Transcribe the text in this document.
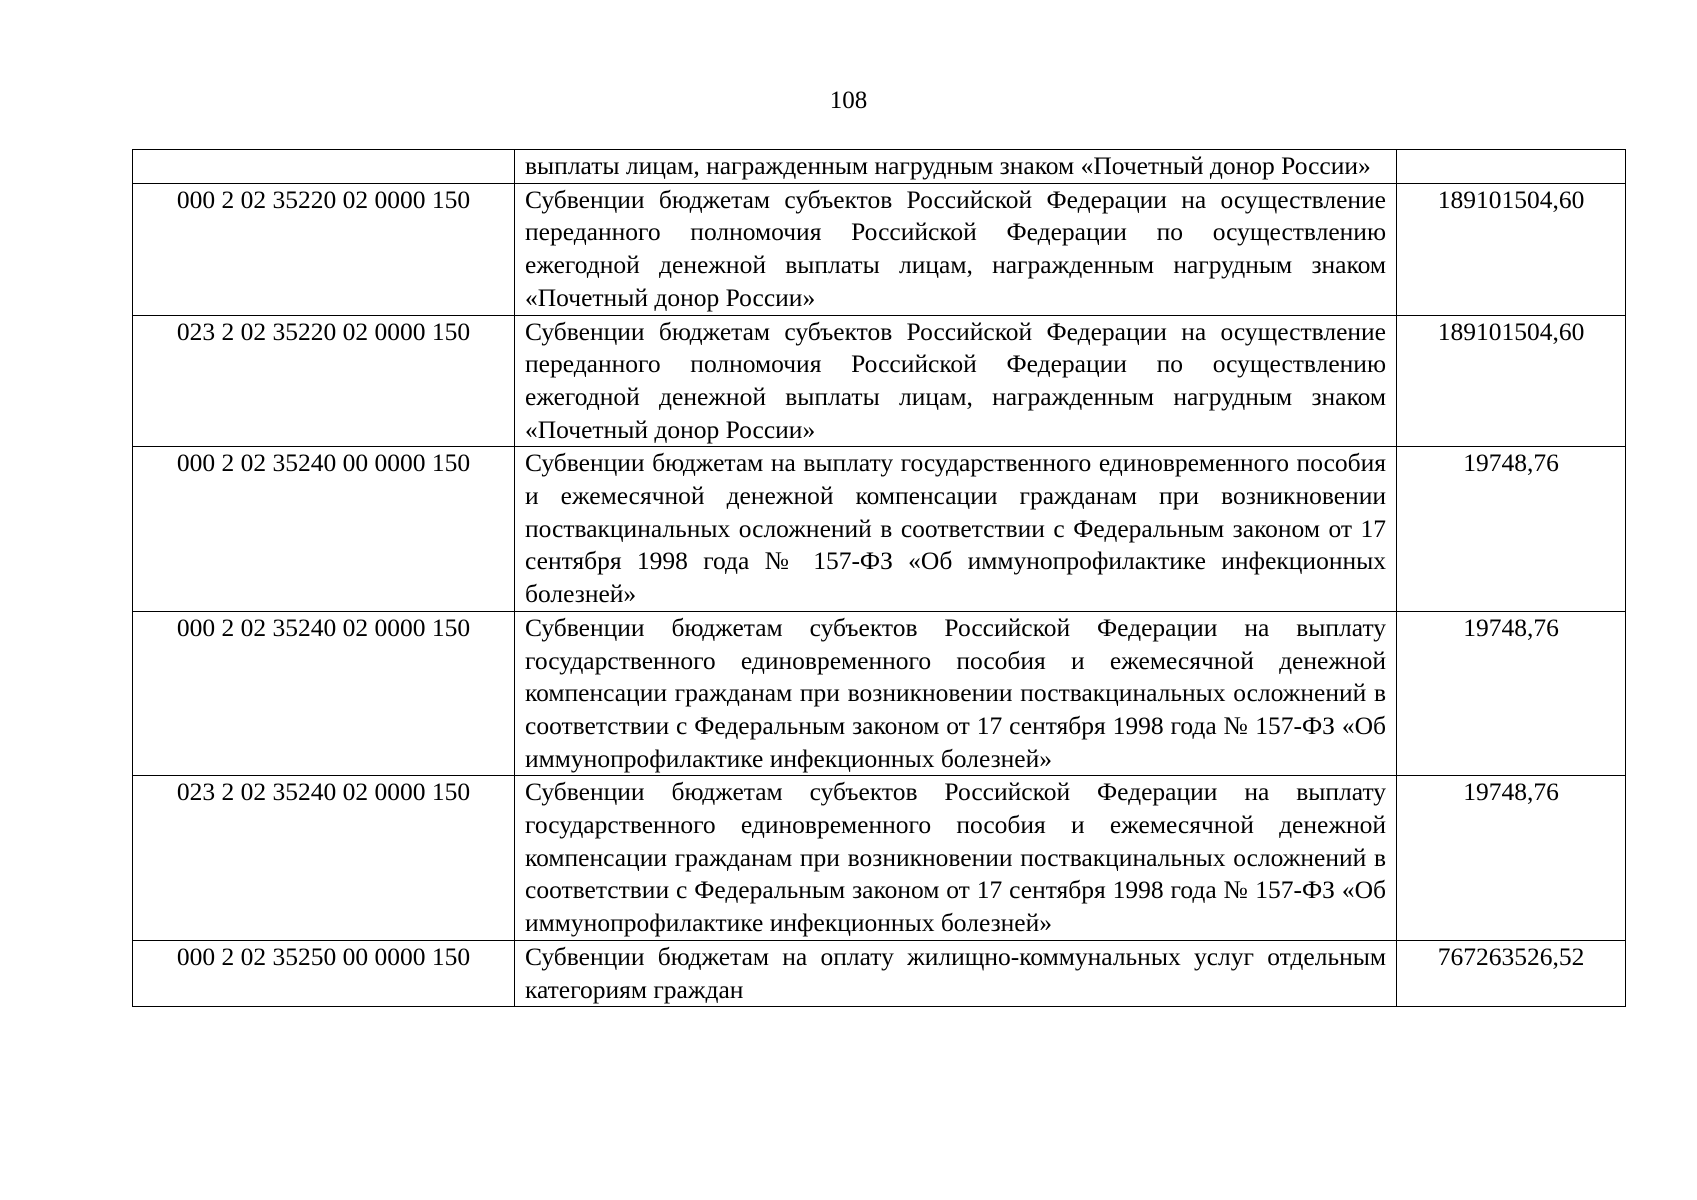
108
	выплаты лицам, награжденным нагрудным знаком «Почетный донор России»	
000 2 02 35220 02 0000 150	Субвенции бюджетам субъектов Российской Федерации на осуществление переданного полномочия Российской Федерации по осуществлению ежегодной денежной выплаты лицам, награжденным нагрудным знаком «Почетный донор России»	189101504,60
023 2 02 35220 02 0000 150	Субвенции бюджетам субъектов Российской Федерации на осуществление переданного полномочия Российской Федерации по осуществлению ежегодной денежной выплаты лицам, награжденным нагрудным знаком «Почетный донор России»	189101504,60
000 2 02 35240 00 0000 150	Субвенции бюджетам на выплату государственного единовременного пособия и ежемесячной денежной компенсации гражданам при возникновении поствакцинальных осложнений в соответствии с Федеральным законом от 17 сентября 1998 года № 157-ФЗ «Об иммунопрофилактике инфекционных болезней»	19748,76
000 2 02 35240 02 0000 150	Субвенции бюджетам субъектов Российской Федерации на выплату государственного единовременного пособия и ежемесячной денежной компенсации гражданам при возникновении поствакцинальных осложнений в соответствии с Федеральным законом от 17 сентября 1998 года № 157-ФЗ «Об иммунопрофилактике инфекционных болезней»	19748,76
023 2 02 35240 02 0000 150	Субвенции бюджетам субъектов Российской Федерации на выплату государственного единовременного пособия и ежемесячной денежной компенсации гражданам при возникновении поствакцинальных осложнений в соответствии с Федеральным законом от 17 сентября 1998 года № 157-ФЗ «Об иммунопрофилактике инфекционных болезней»	19748,76
000 2 02 35250 00 0000 150	Субвенции бюджетам на оплату жилищно-коммунальных услуг отдельным категориям граждан	767263526,52
